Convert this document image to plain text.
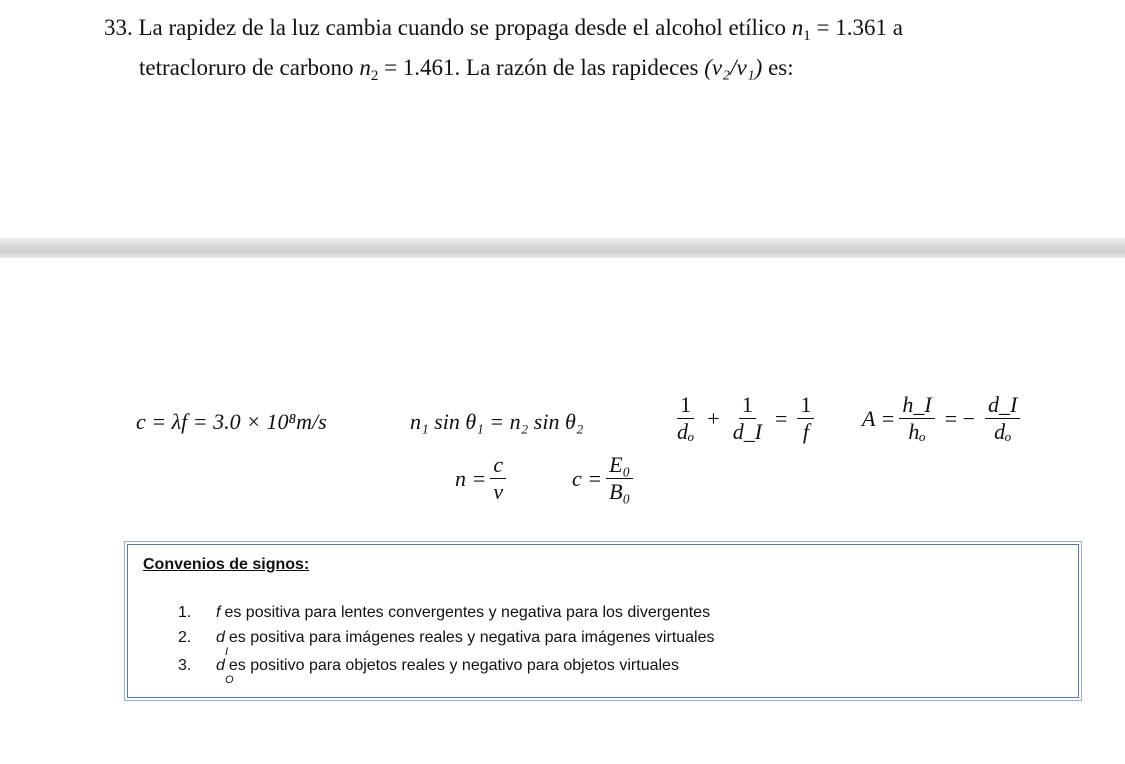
33. La rapidez de la luz cambia cuando se propaga desde el alcohol etílico $n_1 = 1.361$ a
tetracloruro de carbono $n_2 = 1.461$. La razón de las rapideces (v₂/v₁) es:
c = λf = 3.0 × 10⁸m/s	n₁ sin θ₁ = n₂ sin θ₂	$\frac{1}{\text{dₒ}} + \frac{1}{d\_I} = \frac{1}{f}$ $A = \frac{h\_I}{\text{hₒ}}$ = − $\frac{d\_I}{\text{dₒ}}$
$n = \frac{c}{v}$	$c = \frac{\text{E₀}}{\text{B₀}}$
Convenios de signos:
1.	f es positiva para lentes convergentes y negativa para los divergentes
2.	d
I
es positiva para imágenes reales y negativa para imágenes virtuales
3.	d
O
es positivo para objetos reales y negativo para objetos virtuales
